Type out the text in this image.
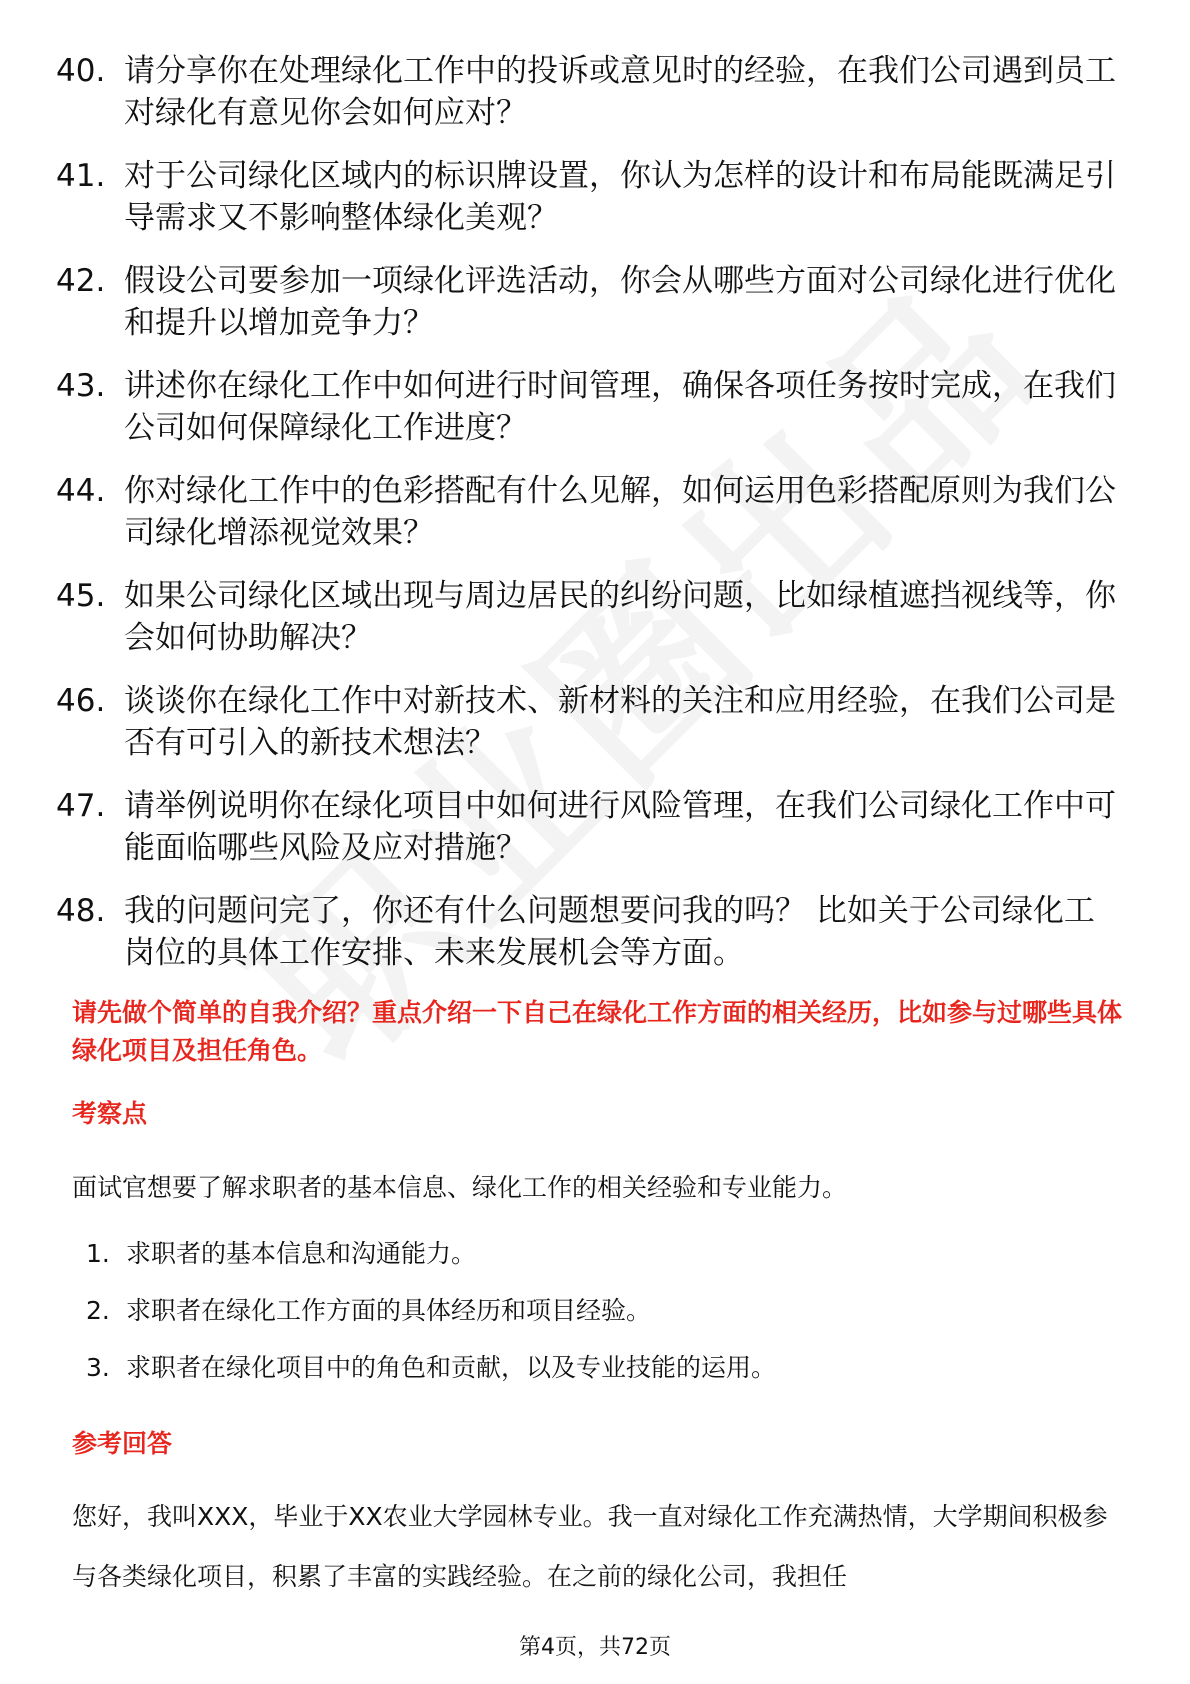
40. 请分享你在处理绿化工作中的投诉或意见时的经验，在我们公司遇到员工对绿化有意见你会如何应对？
41. 对于公司绿化区域内的标识牌设置，你认为怎样的设计和布局能既满足引导需求又不影响整体绿化美观？
42. 假设公司要参加一项绿化评选活动，你会从哪些方面对公司绿化进行优化和提升以增加竞争力？
43. 讲述你在绿化工作中如何进行时间管理，确保各项任务按时完成，在我们公司如何保障绿化工作进度？
44. 你对绿化工作中的色彩搭配有什么见解，如何运用色彩搭配原则为我们公司绿化增添视觉效果？
45. 如果公司绿化区域出现与周边居民的纠纷问题，比如绿植遮挡视线等，你会如何协助解决？
46. 谈谈你在绿化工作中对新技术、新材料的关注和应用经验，在我们公司是否有可引入的新技术想法？
47. 请举例说明你在绿化项目中如何进行风险管理，在我们公司绿化工作中可能面临哪些风险及应对措施？
48. 我的问题问完了，你还有什么问题想要问我的吗？ 比如关于公司绿化工岗位的具体工作安排、未来发展机会等方面。
请先做个简单的自我介绍？重点介绍一下自己在绿化工作方面的相关经历，比如参与过哪些具体绿化项目及担任角色。
考察点
面试官想要了解求职者的基本信息、绿化工作的相关经验和专业能力。
1. 求职者的基本信息和沟通能力。
2. 求职者在绿化工作方面的具体经历和项目经验。
3. 求职者在绿化项目中的角色和贡献，以及专业技能的运用。
参考回答
您好，我叫XXX，毕业于XX农业大学园林专业。我一直对绿化工作充满热情，大学期间积极参与各类绿化项目，积累了丰富的实践经验。在之前的绿化公司，我担任
第4页，共72页
